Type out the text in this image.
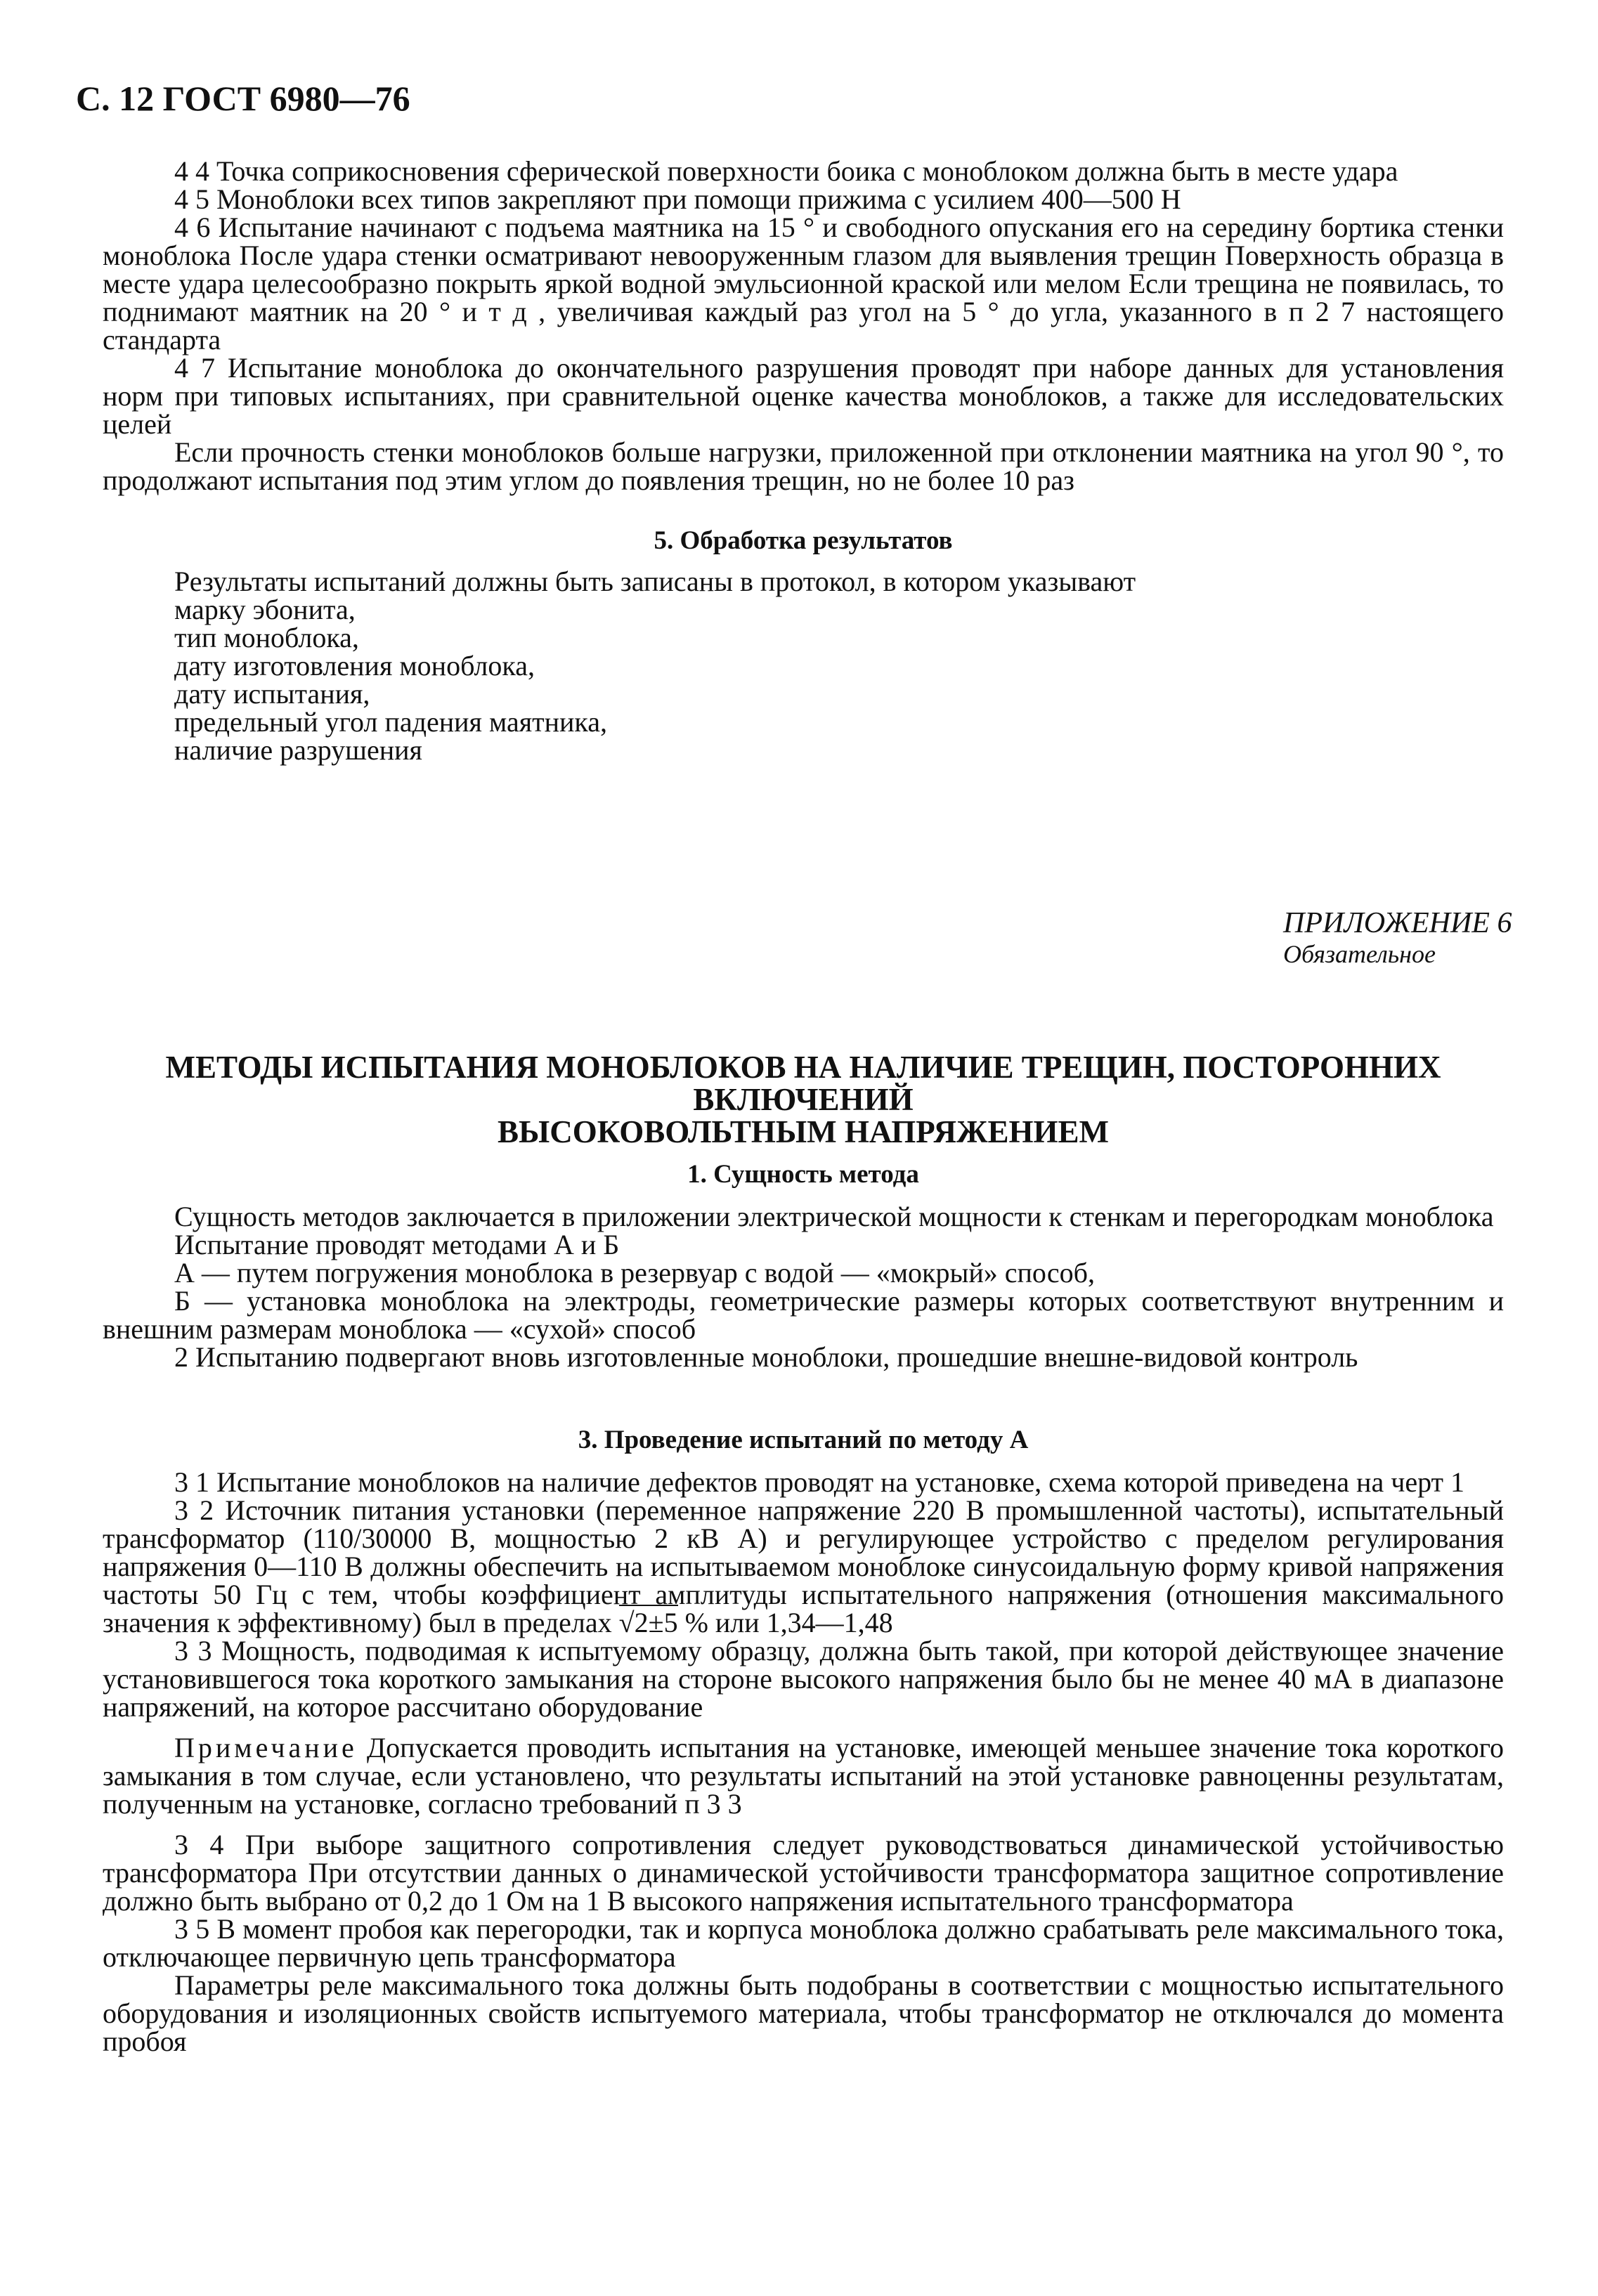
С. 12 ГОСТ 6980—76

4 4 Точка соприкосновения сферической поверхности боика с моноблоком должна быть в месте удара

4 5 Моноблоки всех типов закрепляют при помощи прижима с усилием 400—500 Н

4 6 Испытание начинают с подъема маятника на 15 ° и свободного опускания его на середину бортика стенки моноблока После удара стенки осматривают невооруженным глазом для выявления трещин Поверхность образца в месте удара целесообразно покрыть яркой водной эмульсионной краской или мелом Если трещина не появилась, то поднимают маятник на 20 ° и т д , увеличивая каждый раз угол на 5 ° до угла, указанного в п 2 7 настоящего стандарта

4 7 Испытание моноблока до окончательного разрушения проводят при наборе данных для установления норм при типовых испытаниях, при сравнительной оценке качества моноблоков, а также для исследовательских целей

Если прочность стенки моноблоков больше нагрузки, приложенной при отклонении маятника на угол 90 °, то продолжают испытания под этим углом до появления трещин, но не более 10 раз

5. Обработка результатов

Результаты испытаний должны быть записаны в протокол, в котором указывают

марку эбонита,

тип моноблока,

дату изготовления моноблока,

дату испытания,

предельный угол падения маятника,

наличие разрушения

ПРИЛОЖЕНИЕ 6
Обязательное
МЕТОДЫ ИСПЫТАНИЯ МОНОБЛОКОВ НА НАЛИЧИЕ ТРЕЩИН, ПОСТОРОННИХ ВКЛЮЧЕНИЙ
ВЫСОКОВОЛЬТНЫМ НАПРЯЖЕНИЕМ
1. Сущность метода

Сущность методов заключается в приложении электрической мощности к стенкам и перегородкам моноблока

Испытание проводят методами А и Б

А — путем погружения моноблока в резервуар с водой — «мокрый» способ,

Б — установка моноблока на электроды, геометрические размеры которых соответствуют внутренним и внешним размерам моноблока — «сухой» способ

2 Испытанию подвергают вновь изготовленные моноблоки, прошедшие внешне-видовой контроль

3. Проведение испытаний по методу А

3 1 Испытание моноблоков на наличие дефектов проводят на установке, схема которой приведена на черт 1

3 2 Источник питания установки (переменное напряжение 220 В промышленной частоты), испытательный трансформатор (110/30000 В, мощностью 2 кВ А) и регулирующее устройство с пределом регулирования напряжения 0—110 В должны обеспечить на испытываемом моноблоке синусоидальную форму кривой напряжения частоты 50 Гц с тем, чтобы коэффициент амплитуды испытательного напряжения (отношения максимального значения к эффективному) был в пределах √2±5 % или 1,34—1,48

3 3 Мощность, подводимая к испытуемому образцу, должна быть такой, при которой действующее значение установившегося тока короткого замыкания на стороне высокого напряжения было бы не менее 40 мА в диапазоне напряжений, на которое рассчитано оборудование

Примечание Допускается проводить испытания на установке, имеющей меньшее значение тока короткого замыкания в том случае, если установлено, что результаты испытаний на этой установке равноценны результатам, полученным на установке, согласно требований п 3 3

3 4 При выборе защитного сопротивления следует руководствоваться динамической устойчивостью трансформатора При отсутствии данных о динамической устойчивости трансформатора защитное сопротивление должно быть выбрано от 0,2 до 1 Ом на 1 В высокого напряжения испытательного трансформатора

3 5 В момент пробоя как перегородки, так и корпуса моноблока должно срабатывать реле максимального тока, отключающее первичную цепь трансформатора

Параметры реле максимального тока должны быть подобраны в соответствии с мощностью испытательного оборудования и изоляционных свойств испытуемого материала, чтобы трансформатор не отключался до момента пробоя
